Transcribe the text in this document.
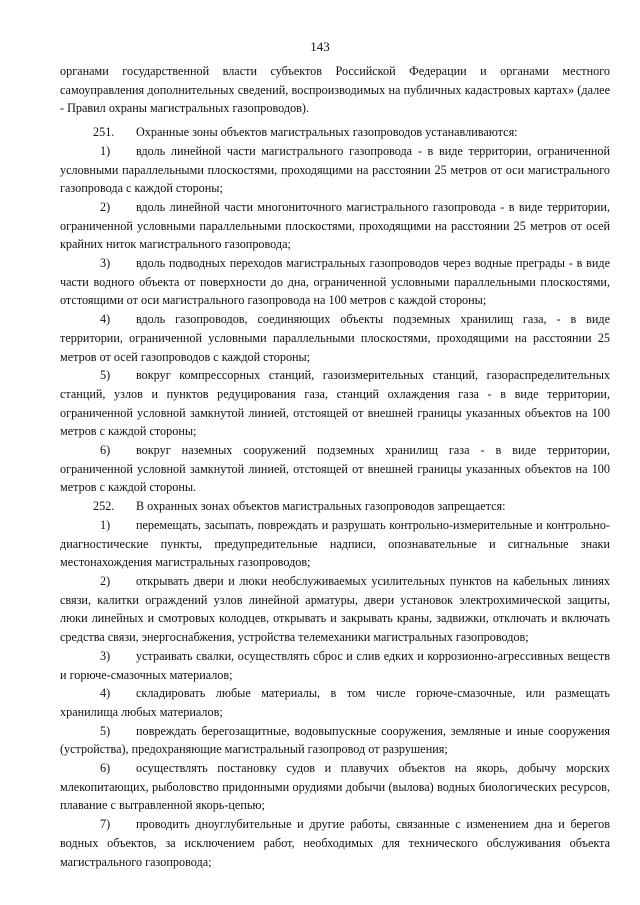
143

органами государственной власти субъектов Российской Федерации и органами местного самоуправления дополнительных сведений, воспроизводимых на публичных кадастровых картах» (далее - Правил охраны магистральных газопроводов).

251. Охранные зоны объектов магистральных газопроводов устанавливаются:

1) вдоль линейной части магистрального газопровода - в виде территории, ограниченной условными параллельными плоскостями, проходящими на расстоянии 25 метров от оси магистрального газопровода с каждой стороны;

2) вдоль линейной части многониточного магистрального газопровода - в виде территории, ограниченной условными параллельными плоскостями, проходящими на расстоянии 25 метров от осей крайних ниток магистрального газопровода;

3) вдоль подводных переходов магистральных газопроводов через водные преграды - в виде части водного объекта от поверхности до дна, ограниченной условными параллельными плоскостями, отстоящими от оси магистрального газопровода на 100 метров с каждой стороны;

4) вдоль газопроводов, соединяющих объекты подземных хранилищ газа, - в виде территории, ограниченной условными параллельными плоскостями, проходящими на расстоянии 25 метров от осей газопроводов с каждой стороны;

5) вокруг компрессорных станций, газоизмерительных станций, газораспределительных станций, узлов и пунктов редуцирования газа, станций охлаждения газа - в виде территории, ограниченной условной замкнутой линией, отстоящей от внешней границы указанных объектов на 100 метров с каждой стороны;

6) вокруг наземных сооружений подземных хранилищ газа - в виде территории, ограниченной условной замкнутой линией, отстоящей от внешней границы указанных объектов на 100 метров с каждой стороны.

252. В охранных зонах объектов магистральных газопроводов запрещается:

1) перемещать, засыпать, повреждать и разрушать контрольно-измерительные и контрольно-диагностические пункты, предупредительные надписи, опознавательные и сигнальные знаки местонахождения магистральных газопроводов;

2) открывать двери и люки необслуживаемых усилительных пунктов на кабельных линиях связи, калитки ограждений узлов линейной арматуры, двери установок электрохимической защиты, люки линейных и смотровых колодцев, открывать и закрывать краны, задвижки, отключать и включать средства связи, энергоснабжения, устройства телемеханики магистральных газопроводов;

3) устраивать свалки, осуществлять сброс и слив едких и коррозионно-агрессивных веществ и горюче-смазочных материалов;

4) складировать любые материалы, в том числе горюче-смазочные, или размещать хранилища любых материалов;

5) повреждать берегозащитные, водовыпускные сооружения, земляные и иные сооружения (устройства), предохраняющие магистральный газопровод от разрушения;

6) осуществлять постановку судов и плавучих объектов на якорь, добычу морских млекопитающих, рыболовство придонными орудиями добычи (вылова) водных биологических ресурсов, плавание с вытравленной якорь-цепью;

7) проводить дноуглубительные и другие работы, связанные с изменением дна и берегов водных объектов, за исключением работ, необходимых для технического обслуживания объекта магистрального газопровода;
